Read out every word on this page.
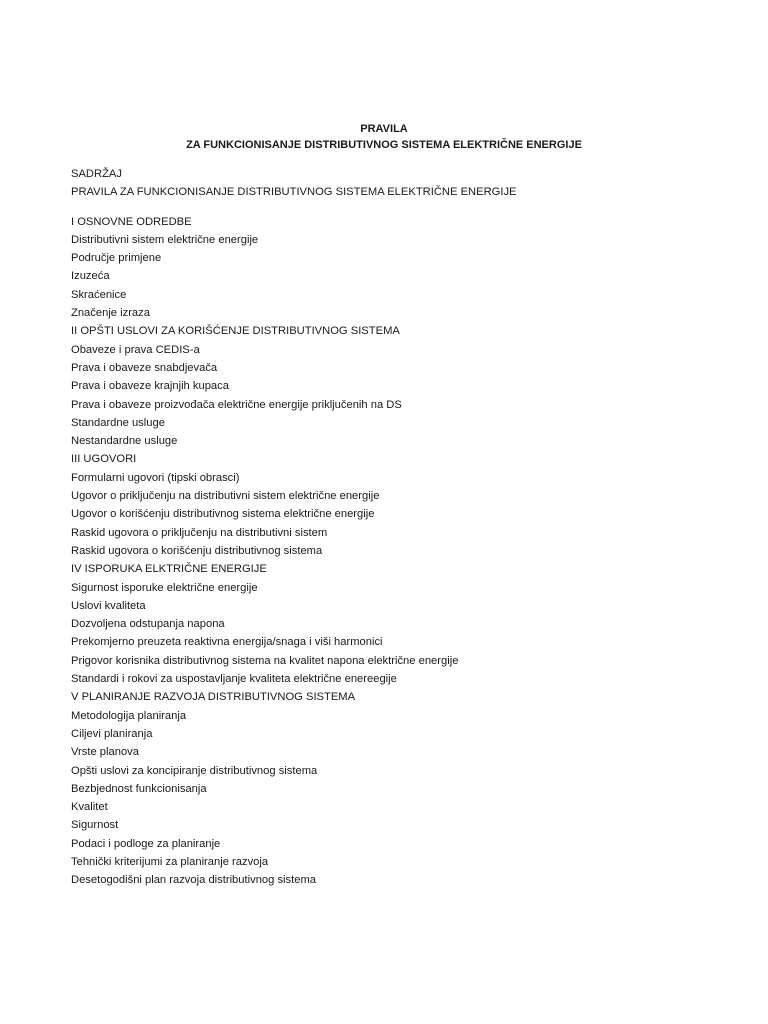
PRAVILA
ZA FUNKCIONISANJE DISTRIBUTIVNOG SISTEMA ELEKTRIČNE ENERGIJE
SADRŽAJ
PRAVILA ZA FUNKCIONISANJE DISTRIBUTIVNOG SISTEMA ELEKTRIČNE ENERGIJE
I OSNOVNE ODREDBE
Distributivni sistem električne energije
Područje primjene
Izuzeća
Skraćenice
Značenje izraza
II OPŠTI USLOVI ZA KORIŠĆENJE DISTRIBUTIVNOG SISTEMA
Obaveze i prava CEDIS-a
Prava i obaveze snabdjevača
Prava i obaveze krajnjih kupaca
Prava i obaveze proizvođača električne energije priključenih na DS
Standardne usluge
Nestandardne usluge
III UGOVORI
Formularni ugovori (tipski obrasci)
Ugovor o priključenju na distributivni sistem električne energije
Ugovor o korišćenju distributivnog sistema električne energije
Raskid ugovora o priključenju na distributivni sistem
Raskid ugovora o korišćenju distributivnog sistema
IV ISPORUKA ELKTRIČNE ENERGIJE
Sigurnost isporuke električne energije
Uslovi kvaliteta
Dozvoljena odstupanja napona
Prekomjerno preuzeta reaktivna energija/snaga i viši harmonici
Prigovor korisnika distributivnog sistema na kvalitet napona električne energije
Standardi i rokovi za uspostavljanje kvaliteta električne enereegije
V PLANIRANJE RAZVOJA DISTRIBUTIVNOG SISTEMA
Metodologija planiranja
Ciljevi planiranja
Vrste planova
Opšti uslovi za koncipiranje distributivnog sistema
Bezbjednost funkcionisanja
Kvalitet
Sigurnost
Podaci i podloge za planiranje
Tehnički kriterijumi za planiranje razvoja
Desetogodišni plan razvoja distributivnog sistema
